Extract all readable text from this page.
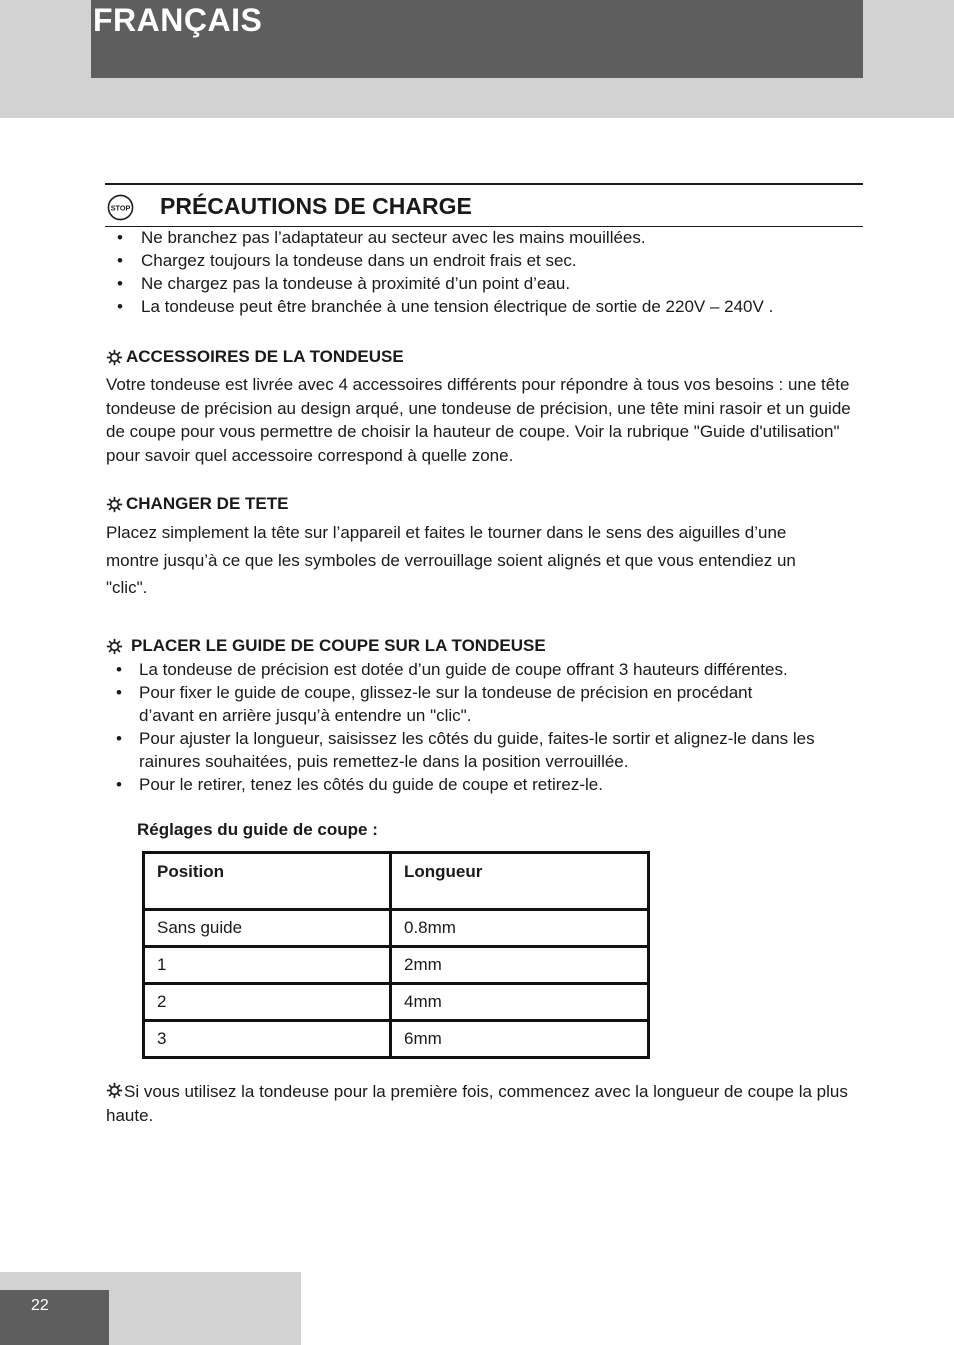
FRANÇAIS
STOP PRÉCAUTIONS DE CHARGE
• Ne branchez pas l’adaptateur au secteur avec les mains mouillées.
• Chargez toujours la tondeuse dans un endroit frais et sec.
• Ne chargez pas la tondeuse à proximité d’un point d’eau.
• La tondeuse peut être branchée à une tension électrique de sortie de 220V – 240V .
ACCESSOIRES DE LA TONDEUSE

Votre tondeuse est livrée avec 4 accessoires différents pour répondre à tous vos besoins : une tête tondeuse de précision au design arqué, une tondeuse de précision, une tête mini rasoir et un guide de coupe pour vous permettre de choisir la hauteur de coupe. Voir la rubrique "Guide d'utilisation" pour savoir quel accessoire correspond à quelle zone.

CHANGER DE TETE

Placez simplement la tête sur l’appareil et faites le tourner dans le sens des aiguilles d’une montre jusqu’à ce que les symboles de verrouillage soient alignés et que vous entendiez un "clic".

PLACER LE GUIDE DE COUPE SUR LA TONDEUSE
• La tondeuse de précision est dotée d’un guide de coupe offrant 3 hauteurs différentes.
• Pour fixer le guide de coupe, glissez-le sur la tondeuse de précision en procédant d’avant en arrière jusqu’à entendre un "clic".
• Pour ajuster la longueur, saisissez les côtés du guide, faites-le sortir et alignez-le dans les rainures souhaitées, puis remettez-le dans la position verrouillée.
• Pour le retirer, tenez les côtés du guide de coupe et retirez-le.

Réglages du guide de coupe :

Position	Longueur
Sans guide	0.8mm
1	2mm
2	4mm
3	6mm

Si vous utilisez la tondeuse pour la première fois, commencez avec la longueur de coupe la plus haute.

22
